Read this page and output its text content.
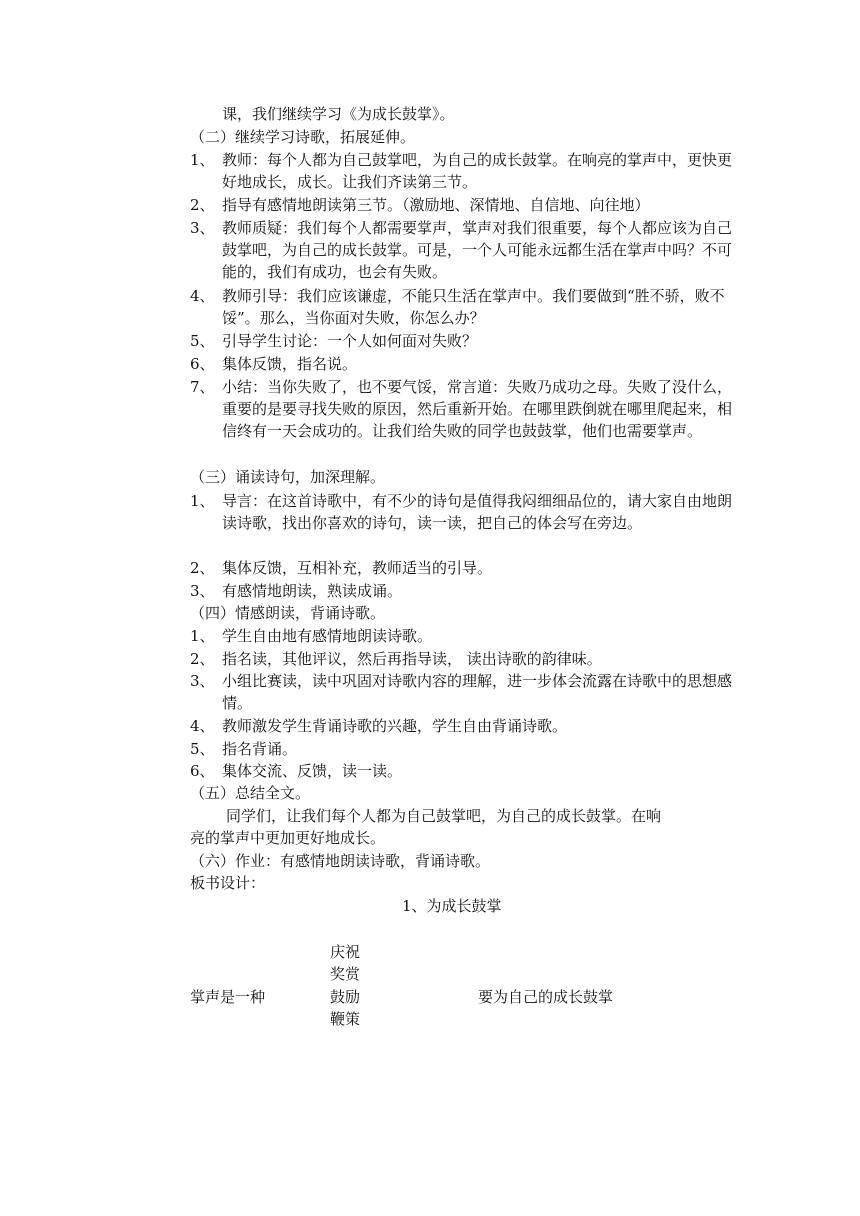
课，我们继续学习《为成长鼓掌》。
（二）继续学习诗歌，拓展延伸。
1、 教师：每个人都为自己鼓掌吧，为自己的成长鼓掌。在响亮的掌声中，更快更好地成长，成长。让我们齐读第三节。
2、 指导有感情地朗读第三节。（激励地、深情地、自信地、向往地）
3、 教师质疑：我们每个人都需要掌声，掌声对我们很重要，每个人都应该为自己鼓掌吧，为自己的成长鼓掌。可是，一个人可能永远都生活在掌声中吗？不可能的，我们有成功，也会有失败。
4、 教师引导：我们应该谦虚，不能只生活在掌声中。我们要做到“胜不骄，败不馁”。那么，当你面对失败，你怎么办？
5、 引导学生讨论：一个人如何面对失败？
6、 集体反馈，指名说。
7、 小结：当你失败了，也不要气馁，常言道：失败乃成功之母。失败了没什么，重要的是要寻找失败的原因，然后重新开始。在哪里跌倒就在哪里爬起来，相信终有一天会成功的。让我们给失败的同学也鼓鼓掌，他们也需要掌声。
（三）诵读诗句，加深理解。
1、 导言：在这首诗歌中，有不少的诗句是值得我闷细细品位的，请大家自由地朗读诗歌，找出你喜欢的诗句，读一读，把自己的体会写在旁边。
2、 集体反馈，互相补充，教师适当的引导。
3、 有感情地朗读，熟读成诵。
（四）情感朗读，背诵诗歌。
1、 学生自由地有感情地朗读诗歌。
2、 指名读，其他评议，然后再指导读， 读出诗歌的韵律味。
3、 小组比赛读，读中巩固对诗歌内容的理解，进一步体会流露在诗歌中的思想感情。
4、 教师激发学生背诵诗歌的兴趣，学生自由背诵诗歌。
5、 指名背诵。
6、 集体交流、反馈，读一读。
（五）总结全文。
同学们，让我们每个人都为自己鼓掌吧，为自己的成长鼓掌。在响
亮的掌声中更加更好地成长。
（六）作业：有感情地朗读诗歌，背诵诗歌。
板书设计：
1、为成长鼓掌
庆祝
奖赏
掌声是一种	鼓励	要为自己的成长鼓掌
鞭策
